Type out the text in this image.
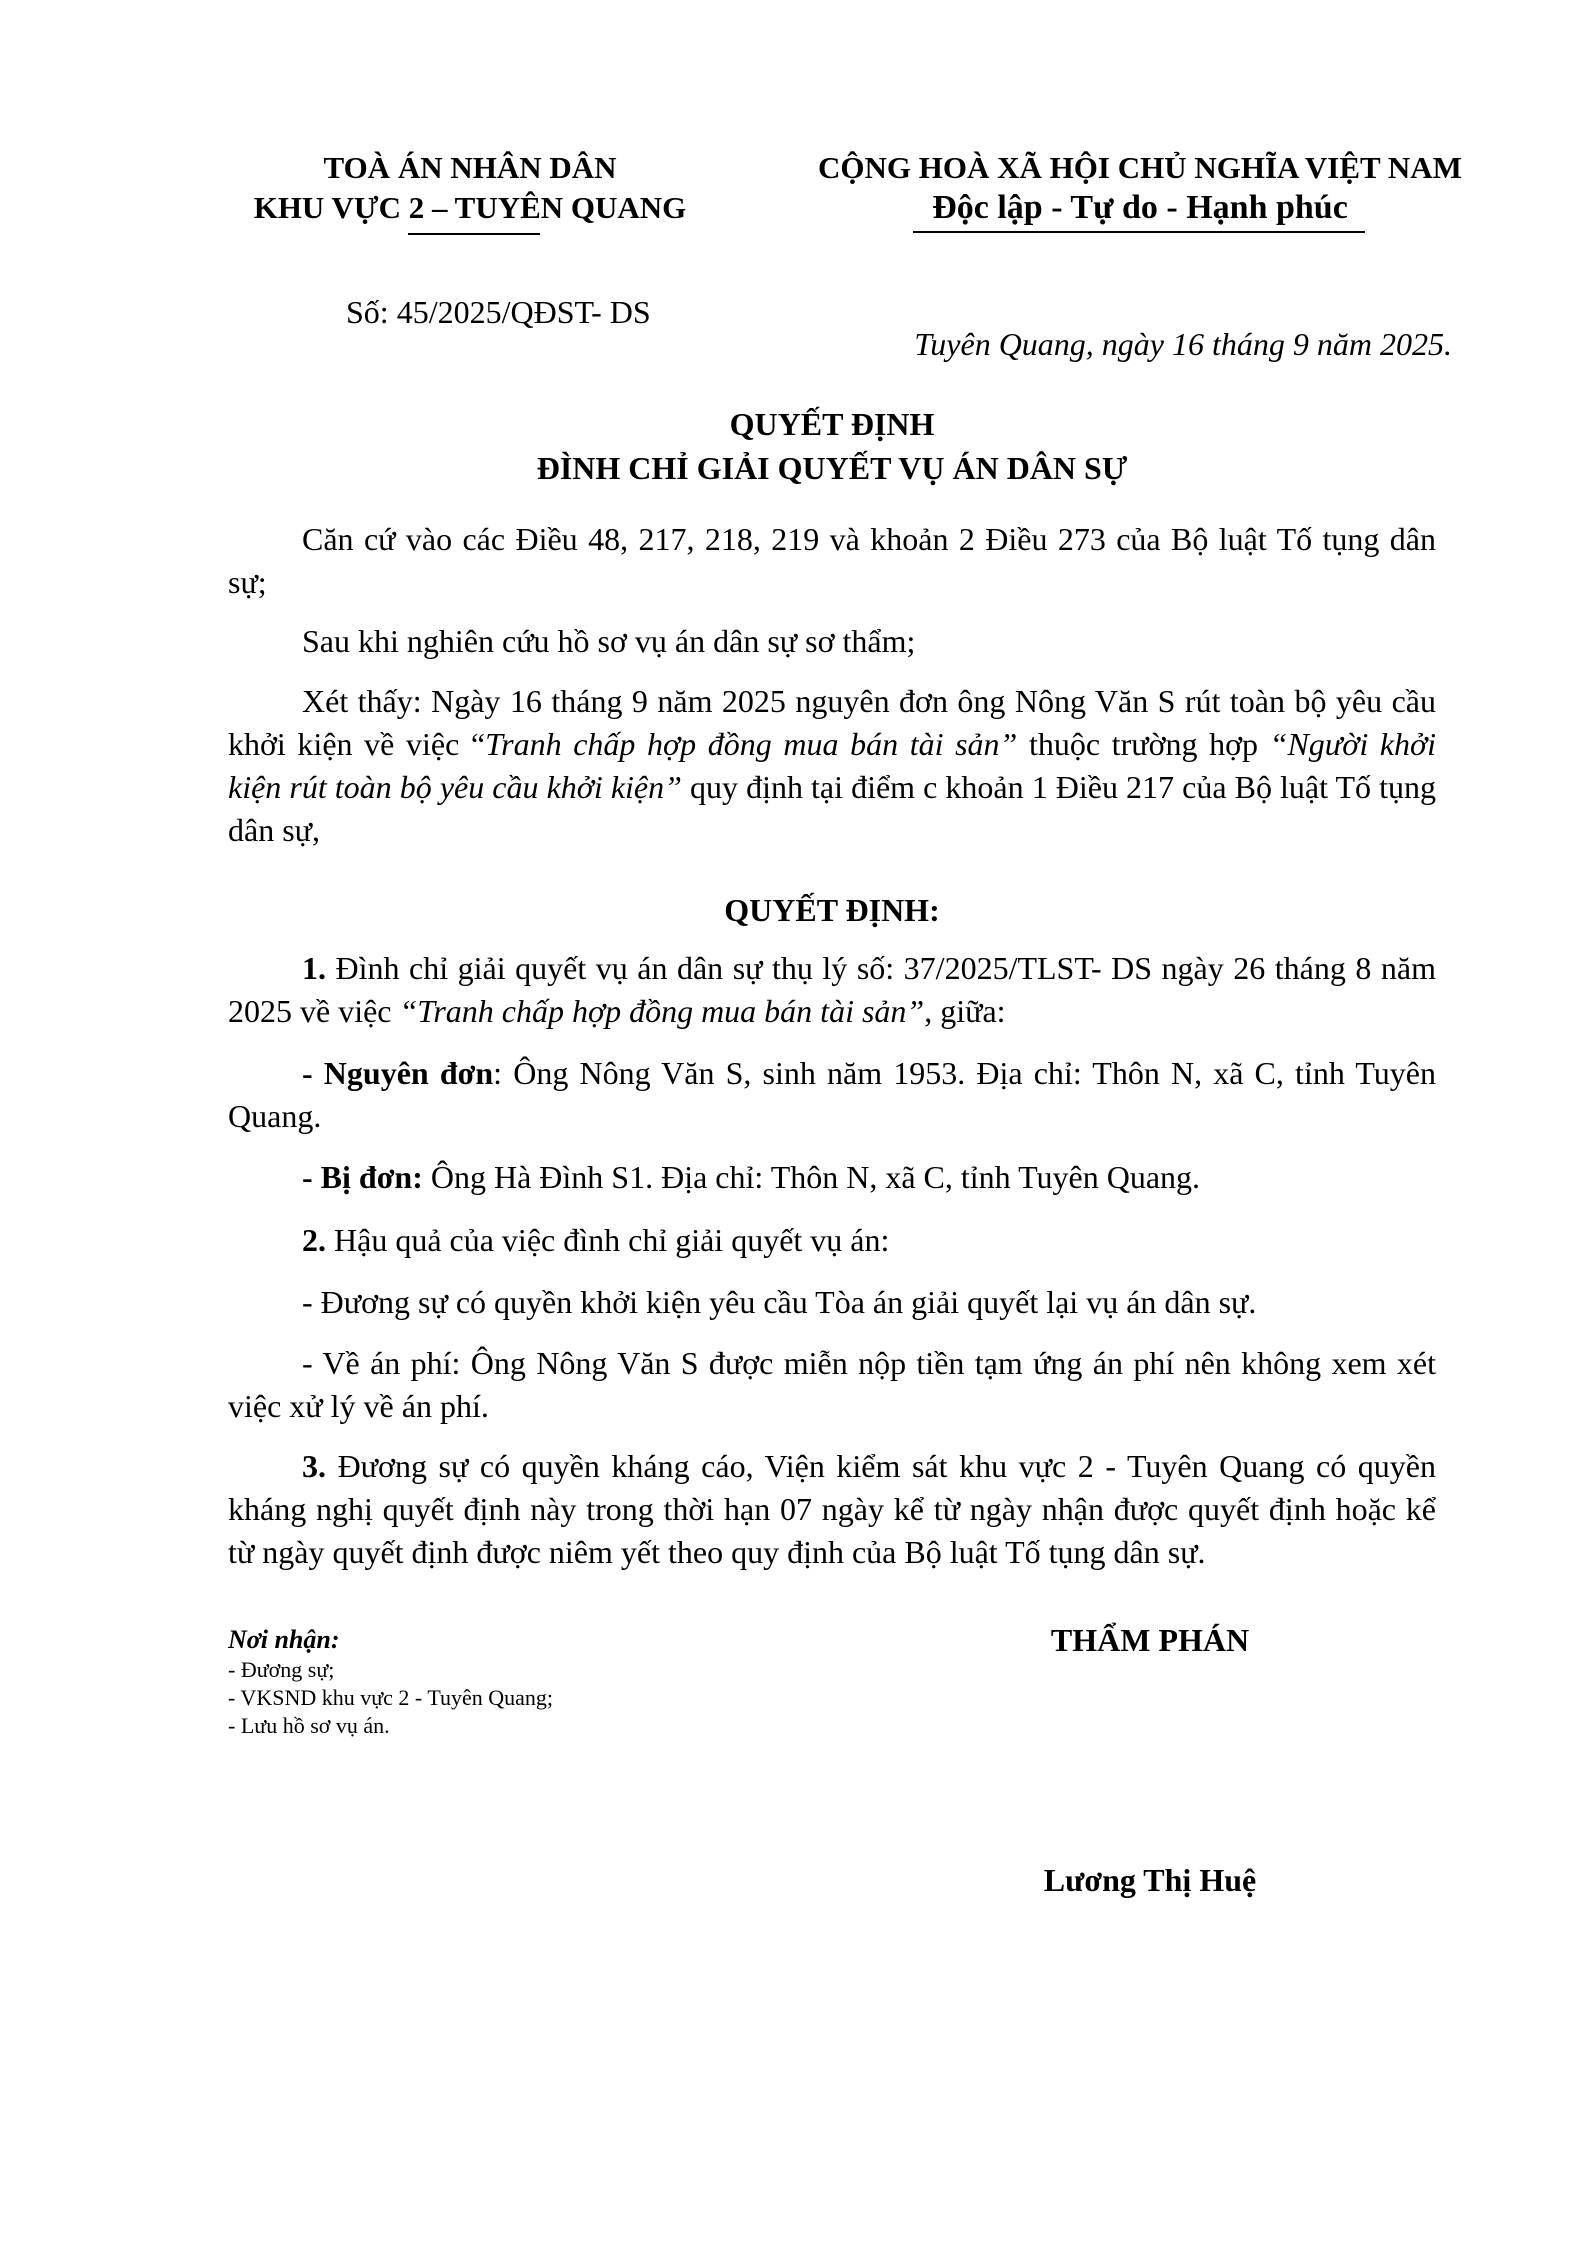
TOÀ ÁN NHÂN DÂN
KHU VỰC 2 – TUYÊN QUANG
CỘNG HOÀ XÃ HỘI CHỦ NGHĨA VIỆT NAM
Độc lập - Tự do - Hạnh phúc
Số: 45/2025/QĐST- DS
Tuyên Quang, ngày 16 tháng 9 năm 2025.
QUYẾT ĐỊNH
ĐÌNH CHỈ GIẢI QUYẾT VỤ ÁN DÂN SỰ

Căn cứ vào các Điều 48, 217, 218, 219 và khoản 2 Điều 273 của Bộ luật Tố tụng dân sự;

Sau khi nghiên cứu hồ sơ vụ án dân sự sơ thẩm;

Xét thấy: Ngày 16 tháng 9 năm 2025 nguyên đơn ông Nông Văn S rút toàn bộ yêu cầu khởi kiện về việc “Tranh chấp hợp đồng mua bán tài sản” thuộc trường hợp “Người khởi kiện rút toàn bộ yêu cầu khởi kiện” quy định tại điểm c khoản 1 Điều 217 của Bộ luật Tố tụng dân sự,

QUYẾT ĐỊNH:

1. Đình chỉ giải quyết vụ án dân sự thụ lý số: 37/2025/TLST- DS ngày 26 tháng 8 năm 2025 về việc “Tranh chấp hợp đồng mua bán tài sản”, giữa:

- Nguyên đơn: Ông Nông Văn S, sinh năm 1953. Địa chỉ: Thôn N, xã C, tỉnh Tuyên Quang.

- Bị đơn: Ông Hà Đình S1. Địa chỉ: Thôn N, xã C, tỉnh Tuyên Quang.

2. Hậu quả của việc đình chỉ giải quyết vụ án:

- Đương sự có quyền khởi kiện yêu cầu Tòa án giải quyết lại vụ án dân sự.

- Về án phí: Ông Nông Văn S được miễn nộp tiền tạm ứng án phí nên không xem xét việc xử lý về án phí.

3. Đương sự có quyền kháng cáo, Viện kiểm sát khu vực 2 - Tuyên Quang có quyền kháng nghị quyết định này trong thời hạn 07 ngày kể từ ngày nhận được quyết định hoặc kể từ ngày quyết định được niêm yết theo quy định của Bộ luật Tố tụng dân sự.

Nơi nhận:
- Đương sự;
- VKSND khu vực 2 - Tuyên Quang;
- Lưu hồ sơ vụ án.
THẨM PHÁN
Lương Thị Huệ
